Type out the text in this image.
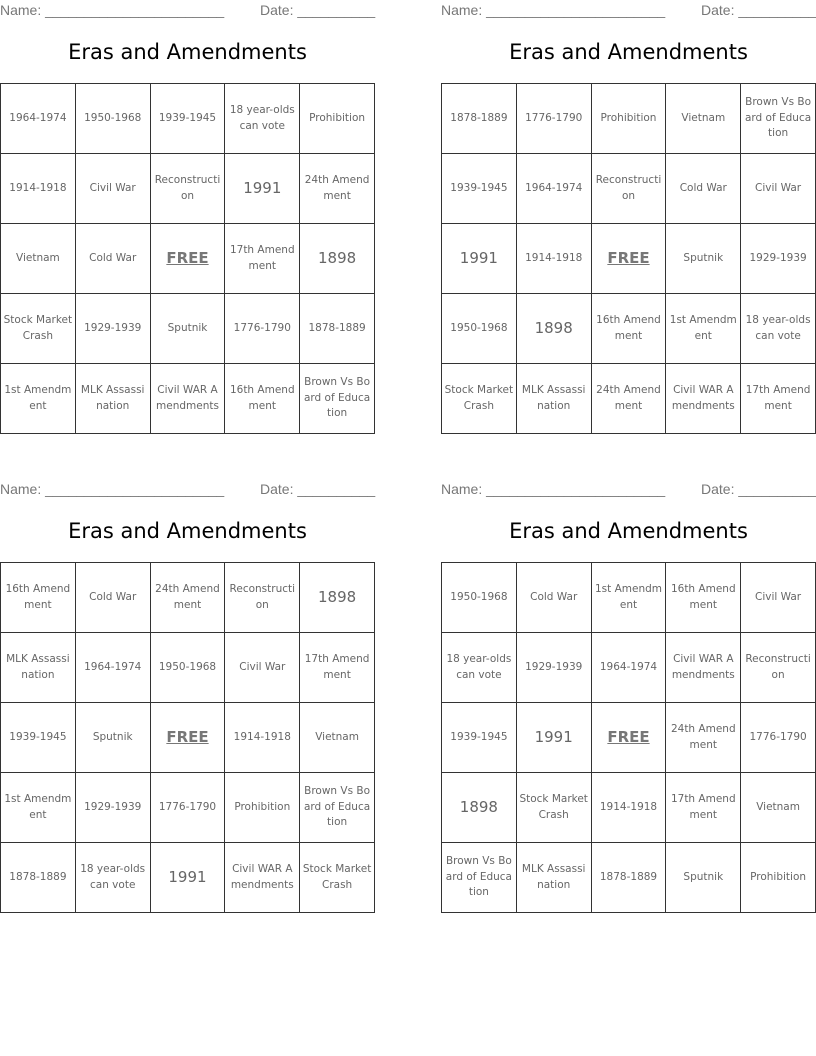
Name: _______________________	Date: __________
Eras and Amendments
1964-1974	1950-1968	1939-1945	18 year-olds can vote	Prohibition
1914-1918	Civil War	Reconstruction	1991	24th Amendment
Vietnam	Cold War	FREE	17th Amendment	1898
Stock Market Crash	1929-1939	Sputnik	1776-1790	1878-1889
1st Amendment	MLK Assassination	Civil WAR Amendments	16th Amendment	Brown Vs Board of Education
Name: _______________________	Date: __________
Eras and Amendments
1878-1889	1776-1790	Prohibition	Vietnam	Brown Vs Board of Education
1939-1945	1964-1974	Reconstruction	Cold War	Civil War
1991	1914-1918	FREE	Sputnik	1929-1939
1950-1968	1898	16th Amendment	1st Amendment	18 year-olds can vote
Stock Market Crash	MLK Assassination	24th Amendment	Civil WAR Amendments	17th Amendment
Name: _______________________	Date: __________
Eras and Amendments
16th Amendment	Cold War	24th Amendment	Reconstruction	1898
MLK Assassination	1964-1974	1950-1968	Civil War	17th Amendment
1939-1945	Sputnik	FREE	1914-1918	Vietnam
1st Amendment	1929-1939	1776-1790	Prohibition	Brown Vs Board of Education
1878-1889	18 year-olds can vote	1991	Civil WAR Amendments	Stock Market Crash
Name: _______________________	Date: __________
Eras and Amendments
1950-1968	Cold War	1st Amendment	16th Amendment	Civil War
18 year-olds can vote	1929-1939	1964-1974	Civil WAR Amendments	Reconstruction
1939-1945	1991	FREE	24th Amendment	1776-1790
1898	Stock Market Crash	1914-1918	17th Amendment	Vietnam
Brown Vs Board of Education	MLK Assassination	1878-1889	Sputnik	Prohibition
